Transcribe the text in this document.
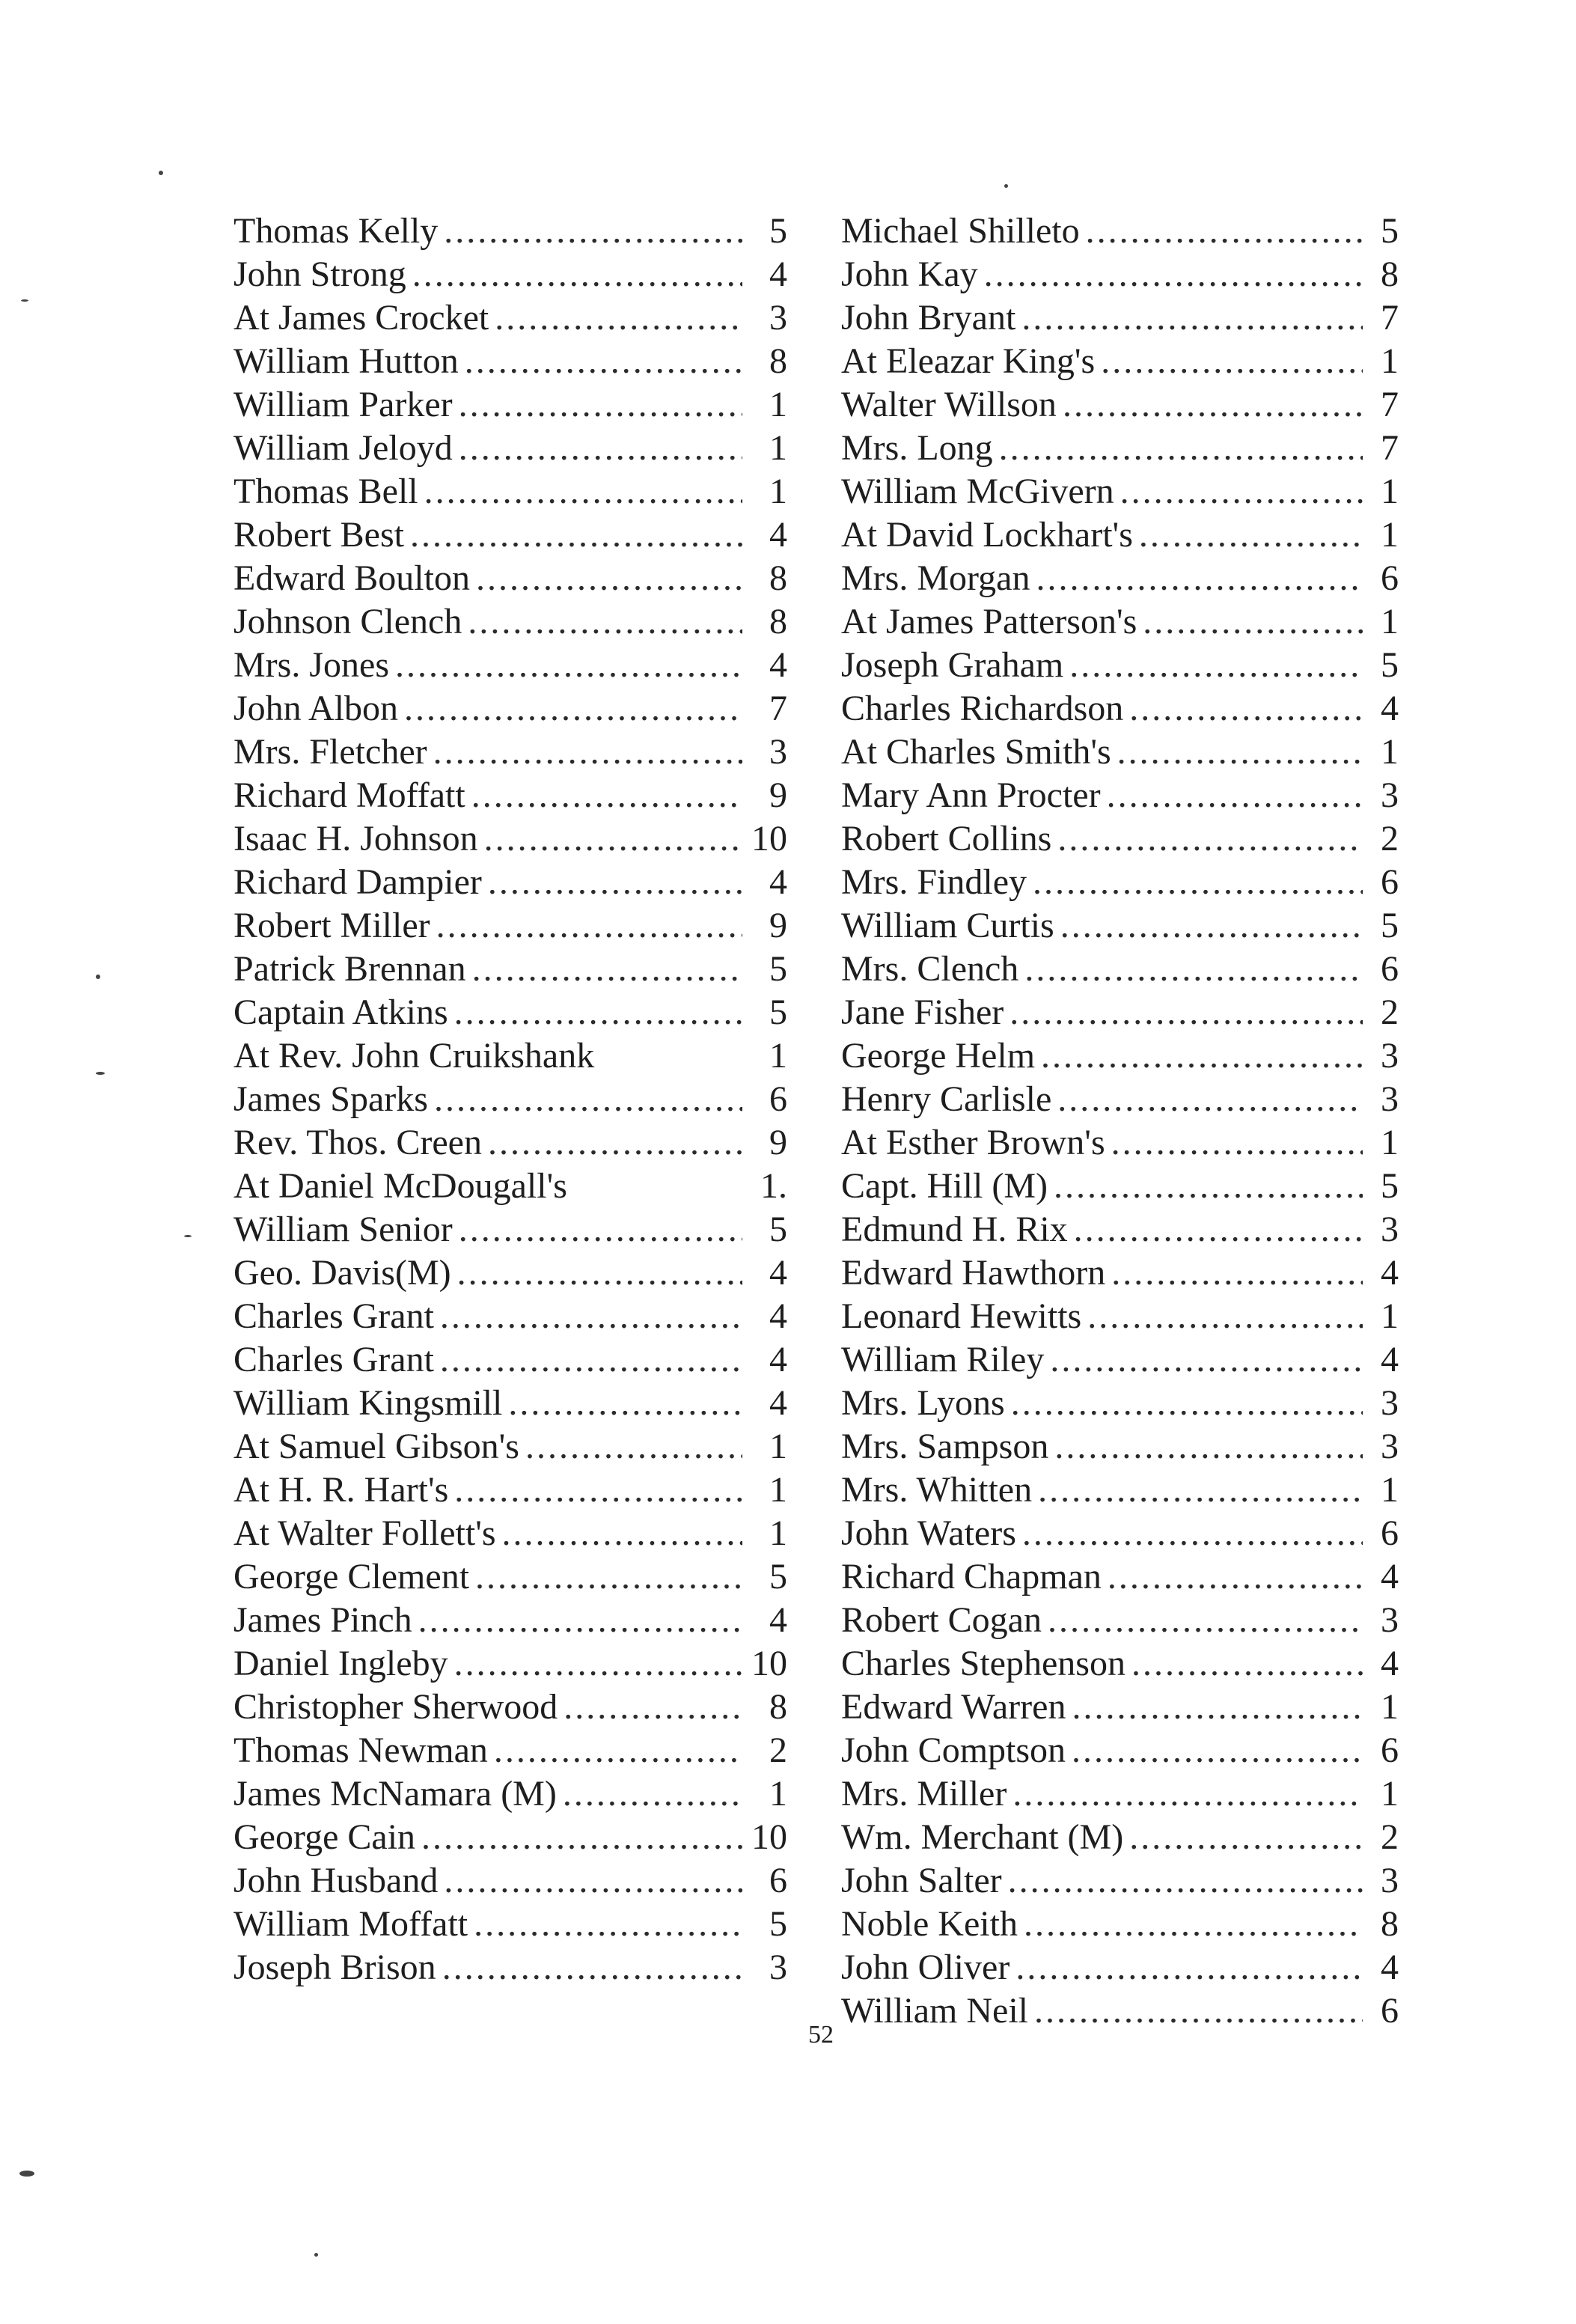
Thomas Kelly .....	5
John Strong .....	4
At James Crocket .....	3
William Hutton .....	8
William Parker .....	1
William Jeloyd .....	1
Thomas Bell .....	1
Robert Best .....	4
Edward Boulton .....	8
Johnson Clench .....	8
Mrs. Jones .....	4
John Albon .....	7
Mrs. Fletcher .....	3
Richard Moffatt .....	9
Isaac H. Johnson .....	10
Richard Dampier .....	4
Robert Miller .....	9
Patrick Brennan .....	5
Captain Atkins .....	5
At Rev. John Cruikshank	1
James Sparks .....	6
Rev. Thos. Creen .....	9
At Daniel McDougall's	1.
William Senior .....	5
Geo. Davis(M) .....	4
Charles Grant .....	4
Charles Grant .....	4
William Kingsmill .....	4
At Samuel Gibson's .....	1
At H. R. Hart's .....	1
At Walter Follett's .....	1
George Clement .....	5
James Pinch .....	4
Daniel Ingleby .....	10
Christopher Sherwood .....	8
Thomas Newman .....	2
James McNamara (M) .....	1
George Cain .....	10
John Husband .....	6
William Moffatt .....	5
Joseph Brison .....	3
Michael Shilleto .....	5
John Kay .....	8
John Bryant .....	7
At Eleazar King's .....	1
Walter Willson .....	7
Mrs. Long .....	7
William McGivern .....	1
At David Lockhart's .....	1
Mrs. Morgan .....	6
At James Patterson's .....	1
Joseph Graham .....	5
Charles Richardson .....	4
At Charles Smith's .....	1
Mary Ann Procter .....	3
Robert Collins .....	2
Mrs. Findley .....	6
William Curtis .....	5
Mrs. Clench .....	6
Jane Fisher .....	2
George Helm .....	3
Henry Carlisle .....	3
At Esther Brown's .....	1
Capt. Hill (M) .....	5
Edmund H. Rix .....	3
Edward Hawthorn .....	4
Leonard Hewitts .....	1
William Riley .....	4
Mrs. Lyons .....	3
Mrs. Sampson .....	3
Mrs. Whitten .....	1
John Waters .....	6
Richard Chapman .....	4
Robert Cogan .....	3
Charles Stephenson .....	4
Edward Warren .....	1
John Comptson .....	6
Mrs. Miller .....	1
Wm. Merchant (M) .....	2
John Salter .....	3
Noble Keith .....	8
John Oliver .....	4
William Neil .....	6
52
